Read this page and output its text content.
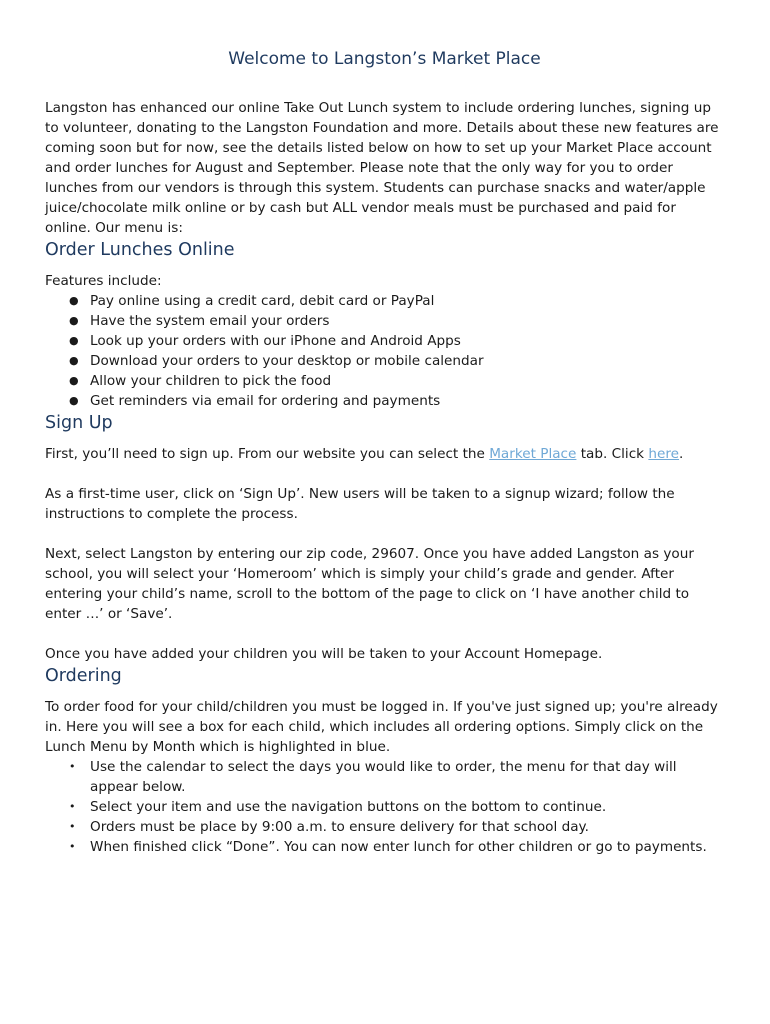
Welcome to Langston’s Market Place

Langston has enhanced our online Take Out Lunch system to include ordering lunches, signing up to volunteer, donating to the Langston Foundation and more. Details about these new features are coming soon but for now, see the details listed below on how to set up your Market Place account and order lunches for August and September. Please note that the only way for you to order lunches from our vendors is through this system. Students can purchase snacks and water/apple juice/chocolate milk online or by cash but ALL vendor meals must be purchased and paid for online. Our menu is:

Order Lunches Online

Features include:

● Pay online using a credit card, debit card or PayPal
● Have the system email your orders
● Look up your orders with our iPhone and Android Apps
● Download your orders to your desktop or mobile calendar
● Allow your children to pick the food
● Get reminders via email for ordering and payments
Sign Up

First, you’ll need to sign up. From our website you can select the Market Place tab. Click here.

As a first-time user, click on ‘Sign Up’. New users will be taken to a signup wizard; follow the instructions to complete the process.

Next, select Langston by entering our zip code, 29607. Once you have added Langston as your school, you will select your ‘Homeroom’ which is simply your child’s grade and gender. After entering your child’s name, scroll to the bottom of the page to click on ‘I have another child to enter …’ or ‘Save’.

Once you have added your children you will be taken to your Account Homepage.

Ordering

To order food for your child/children you must be logged in. If you've just signed up; you're already in. Here you will see a box for each child, which includes all ordering options. Simply click on the Lunch Menu by Month which is highlighted in blue.

• Use the calendar to select the days you would like to order, the menu for that day will appear below.
• Select your item and use the navigation buttons on the bottom to continue.
• Orders must be place by 9:00 a.m. to ensure delivery for that school day.
• When finished click “Done”. You can now enter lunch for other children or go to payments.
